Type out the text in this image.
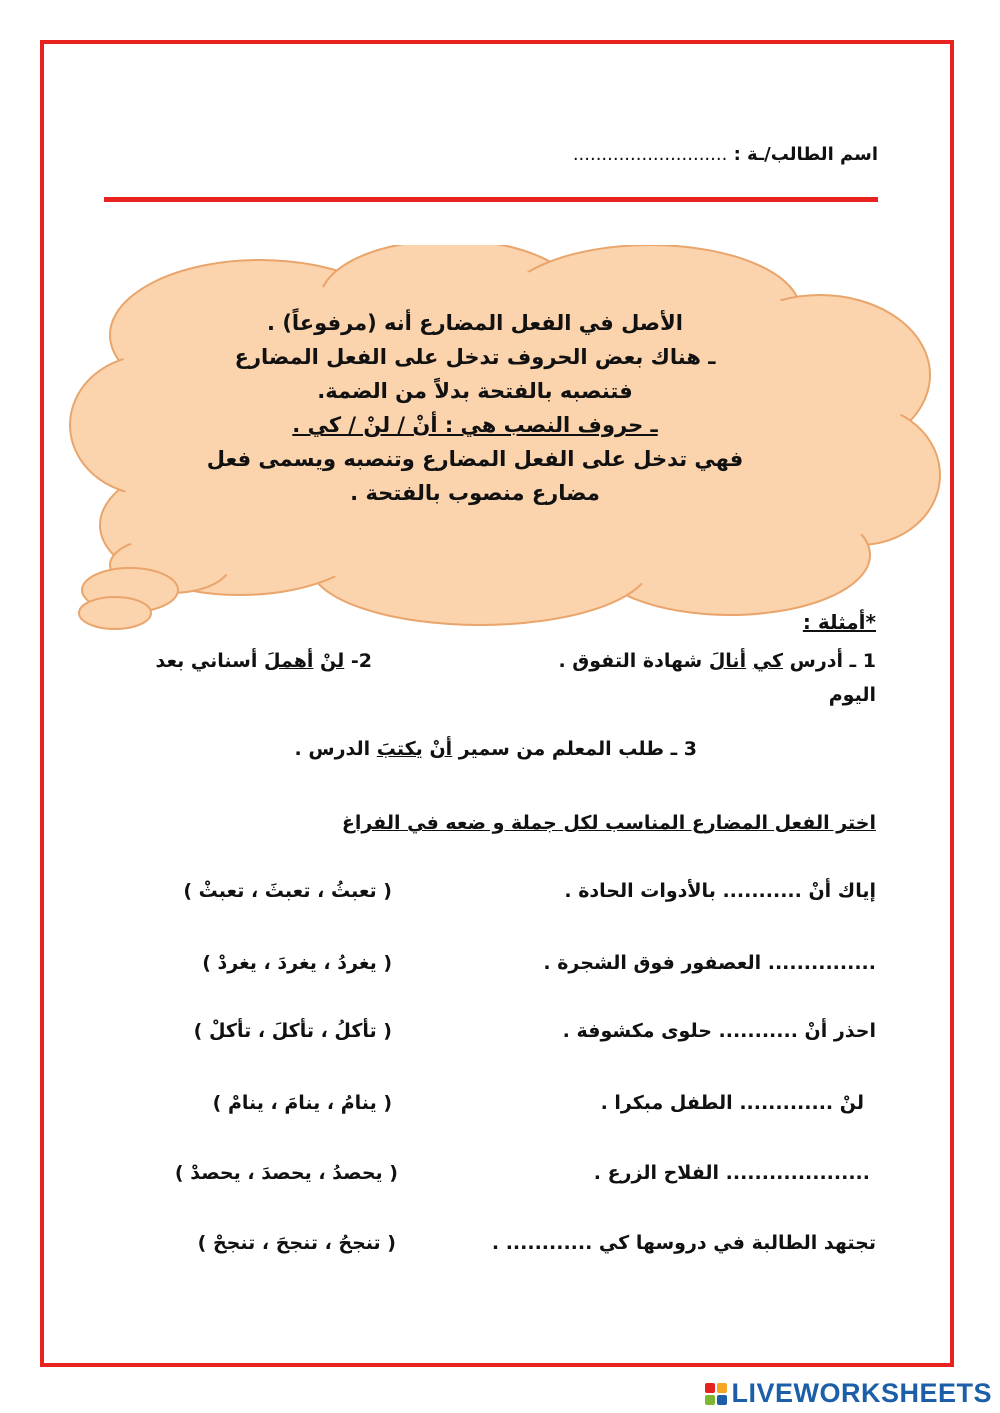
اسم الطالب/ـة : ...........................
الأصل في الفعل المضارع أنه (مرفوعاً) .
ـ هناك بعض الحروف تدخل على الفعل المضارع
فتنصبه بالفتحة بدلاً من الضمة.
ـ حروف النصب هي : أنْ / لنْ / كي .
فهي تدخل على الفعل المضارع وتنصبه ويسمى فعل
مضارع منصوب بالفتحة .
*أمثلة :
1 ـ أدرس كي أنالَ شهادة التفوق .
2- لنْ أهملَ أسناني بعد
اليوم
3 ـ طلب المعلم من سمير أنْ يكتبَ الدرس .
اختر الفعل المضارع المناسب لكل جملة و ضعه في الفراغ
إياك أنْ ........... بالأدوات الحادة .
( تعبثُ ، تعبثَ ، تعبثْ )
............... العصفور فوق الشجرة .
( يغردُ ، يغردَ ، يغردْ )
احذر أنْ ........... حلوى مكشوفة .
( تأكلُ ، تأكلَ ، تأكلْ )
لنْ ............. الطفل مبكرا .
( ينامُ ، ينامَ ، ينامْ )
.................... الفلاح الزرع .
( يحصدُ ، يحصدَ ، يحصدْ )
تجتهد الطالبة في دروسها كي ............ .
( تنجحُ ، تنجحَ ، تنجحْ )
LIVEWORKSHEETS
